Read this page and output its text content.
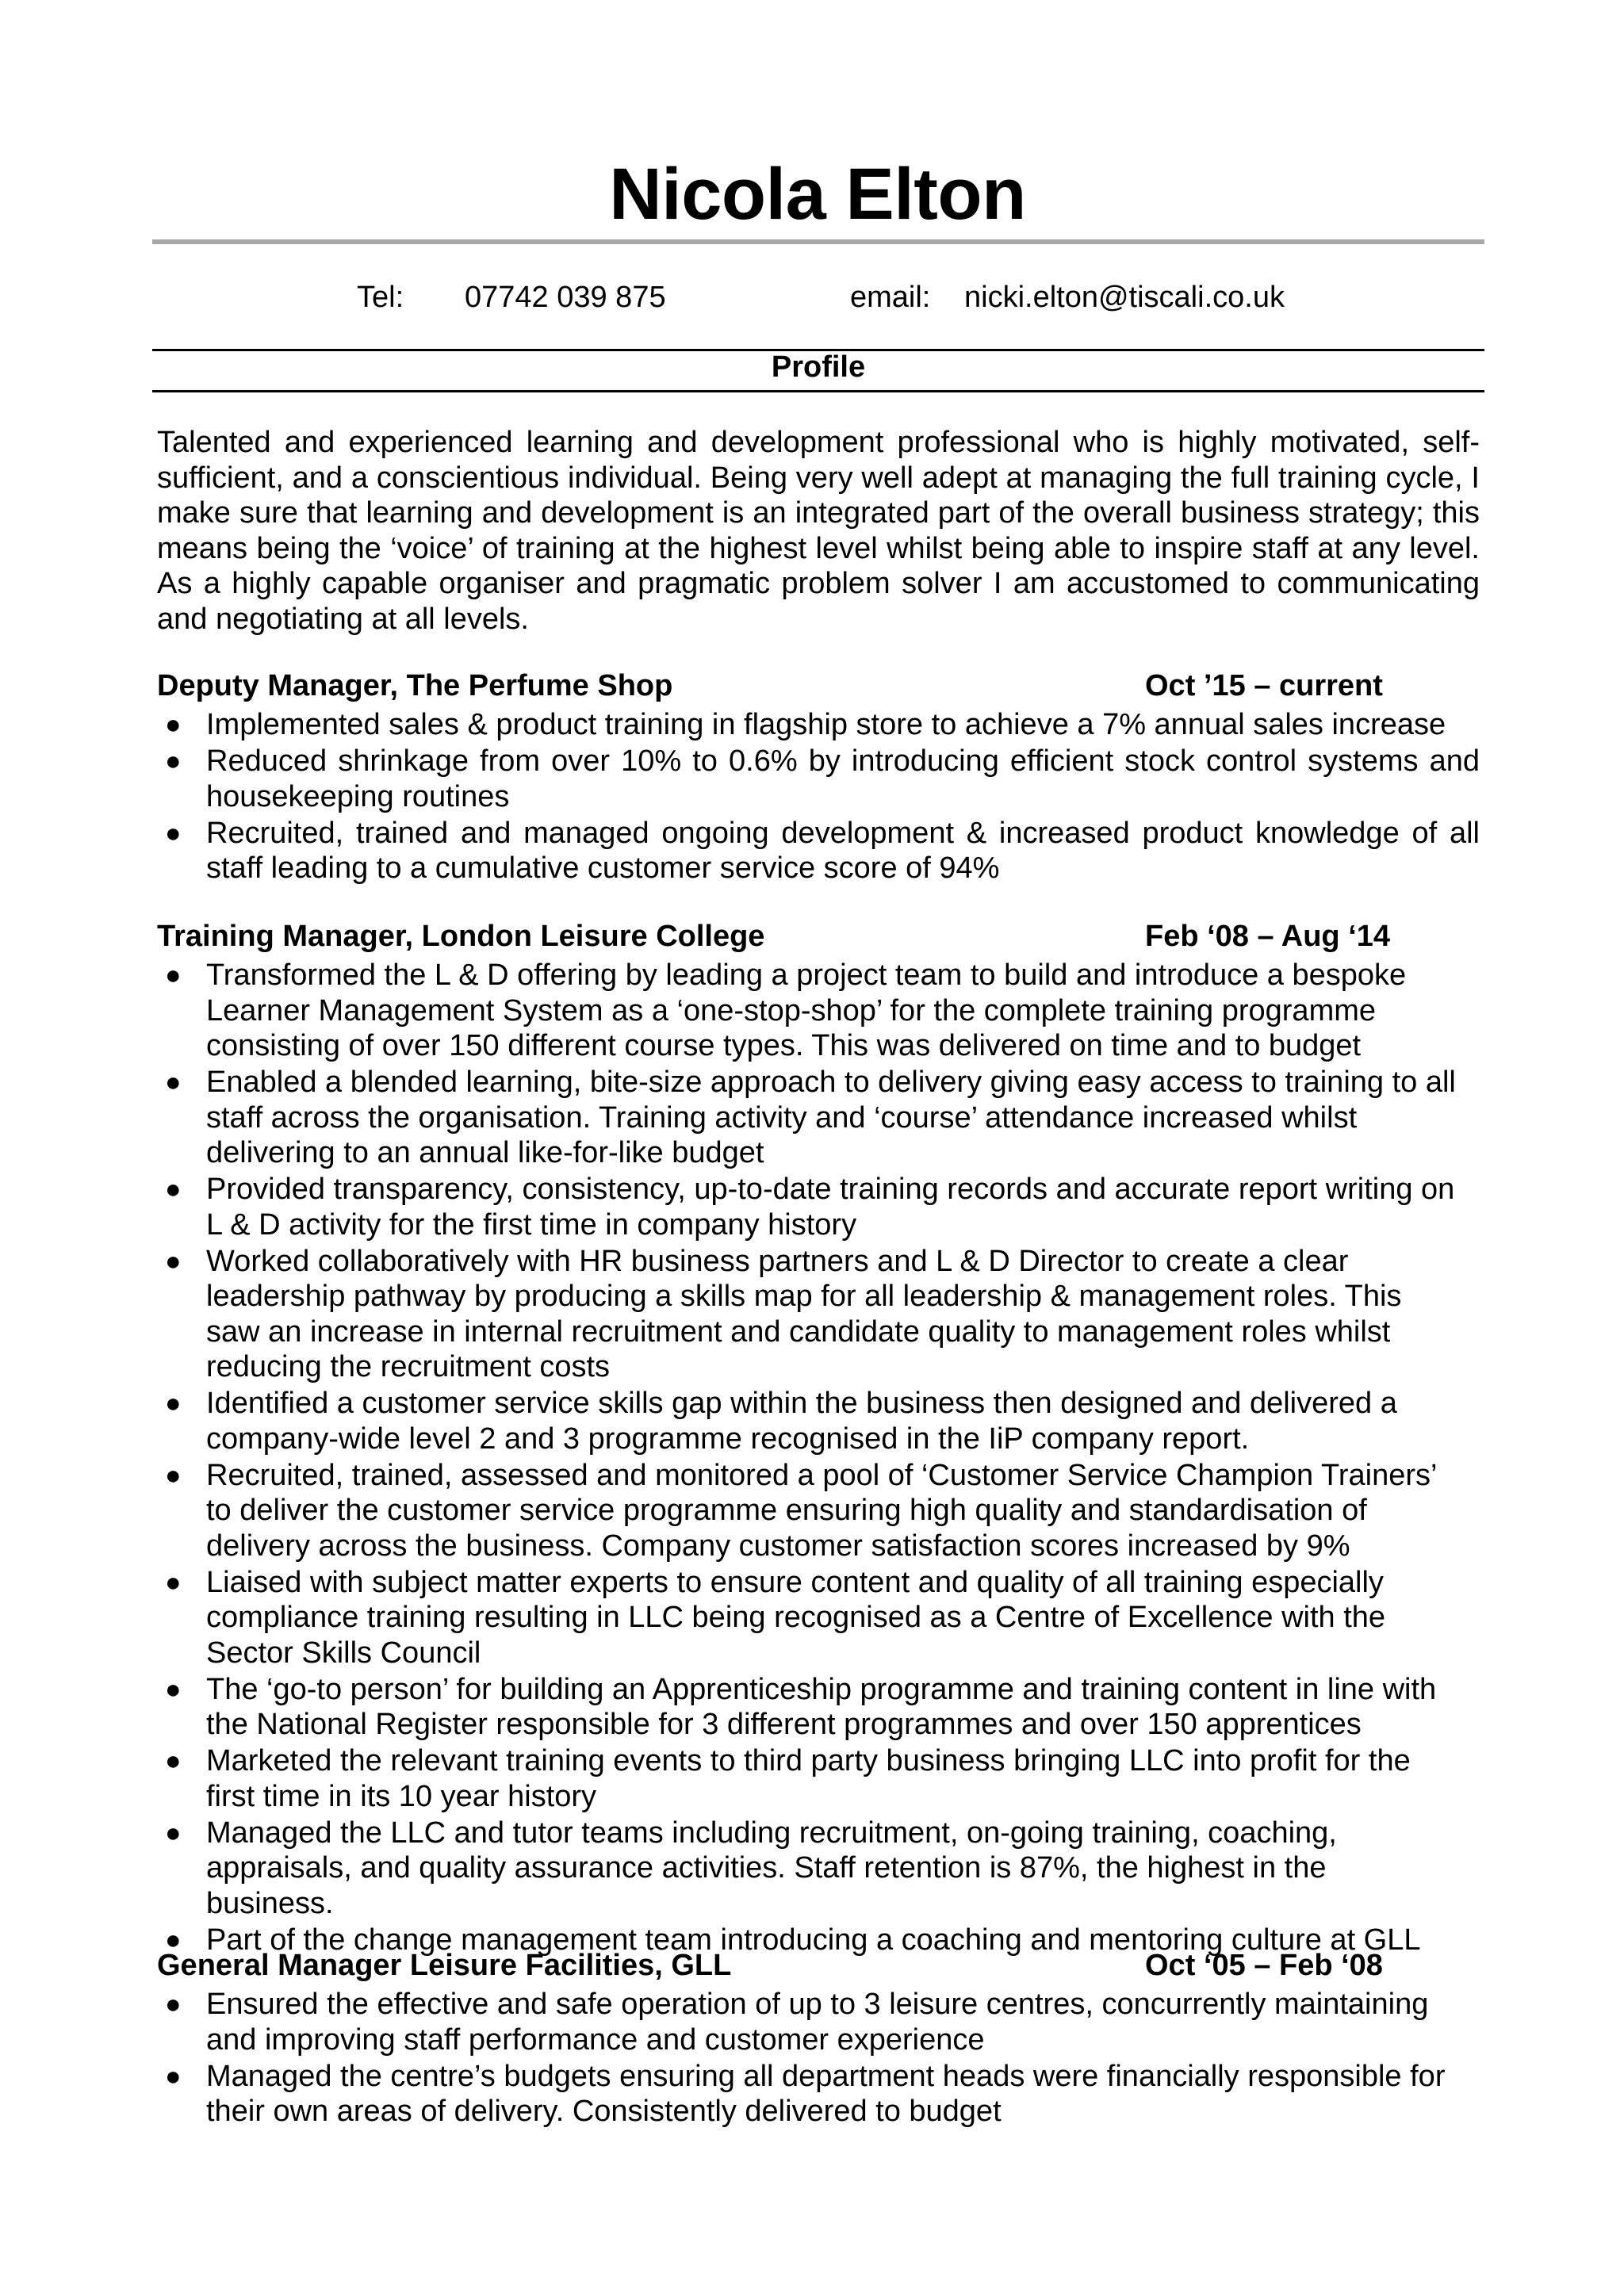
Nicola Elton
Tel: 07742 039 875	email: nicki.elton@tiscali.co.uk
Profile

Talented and experienced learning and development professional who is highly motivated, self-sufficient, and a conscientious individual. Being very well adept at managing the full training cycle, I make sure that learning and development is an integrated part of the overall business strategy; this means being the ‘voice’ of training at the highest level whilst being able to inspire staff at any level. As a highly capable organiser and pragmatic problem solver I am accustomed to communicating and negotiating at all levels.

Deputy Manager, The Perfume Shop	Oct ’15 – current
● Implemented sales & product training in flagship store to achieve a 7% annual sales increase
● Reduced shrinkage from over 10% to 0.6% by introducing efficient stock control systems and housekeeping routines
● Recruited, trained and managed ongoing development & increased product knowledge of all staff leading to a cumulative customer service score of 94%
Training Manager, London Leisure College	Feb ‘08 – Aug ‘14
● Transformed the L & D offering by leading a project team to build and introduce a bespoke Learner Management System as a ‘one-stop-shop’ for the complete training programme consisting of over 150 different course types. This was delivered on time and to budget
● Enabled a blended learning, bite-size approach to delivery giving easy access to training to all staff across the organisation. Training activity and ‘course’ attendance increased whilst delivering to an annual like-for-like budget
● Provided transparency, consistency, up-to-date training records and accurate report writing on L & D activity for the first time in company history
● Worked collaboratively with HR business partners and L & D Director to create a clear leadership pathway by producing a skills map for all leadership & management roles. This saw an increase in internal recruitment and candidate quality to management roles whilst reducing the recruitment costs
● Identified a customer service skills gap within the business then designed and delivered a company-wide level 2 and 3 programme recognised in the IiP company report.
● Recruited, trained, assessed and monitored a pool of ‘Customer Service Champion Trainers’ to deliver the customer service programme ensuring high quality and standardisation of delivery across the business. Company customer satisfaction scores increased by 9%
● Liaised with subject matter experts to ensure content and quality of all training especially compliance training resulting in LLC being recognised as a Centre of Excellence with the Sector Skills Council
● The ‘go-to person’ for building an Apprenticeship programme and training content in line with the National Register responsible for 3 different programmes and over 150 apprentices
● Marketed the relevant training events to third party business bringing LLC into profit for the first time in its 10 year history
● Managed the LLC and tutor teams including recruitment, on-going training, coaching, appraisals, and quality assurance activities. Staff retention is 87%, the highest in the business.
● Part of the change management team introducing a coaching and mentoring culture at GLL
General Manager Leisure Facilities, GLL	Oct ‘05 – Feb ‘08
● Ensured the effective and safe operation of up to 3 leisure centres, concurrently maintaining and improving staff performance and customer experience
● Managed the centre’s budgets ensuring all department heads were financially responsible for their own areas of delivery. Consistently delivered to budget
